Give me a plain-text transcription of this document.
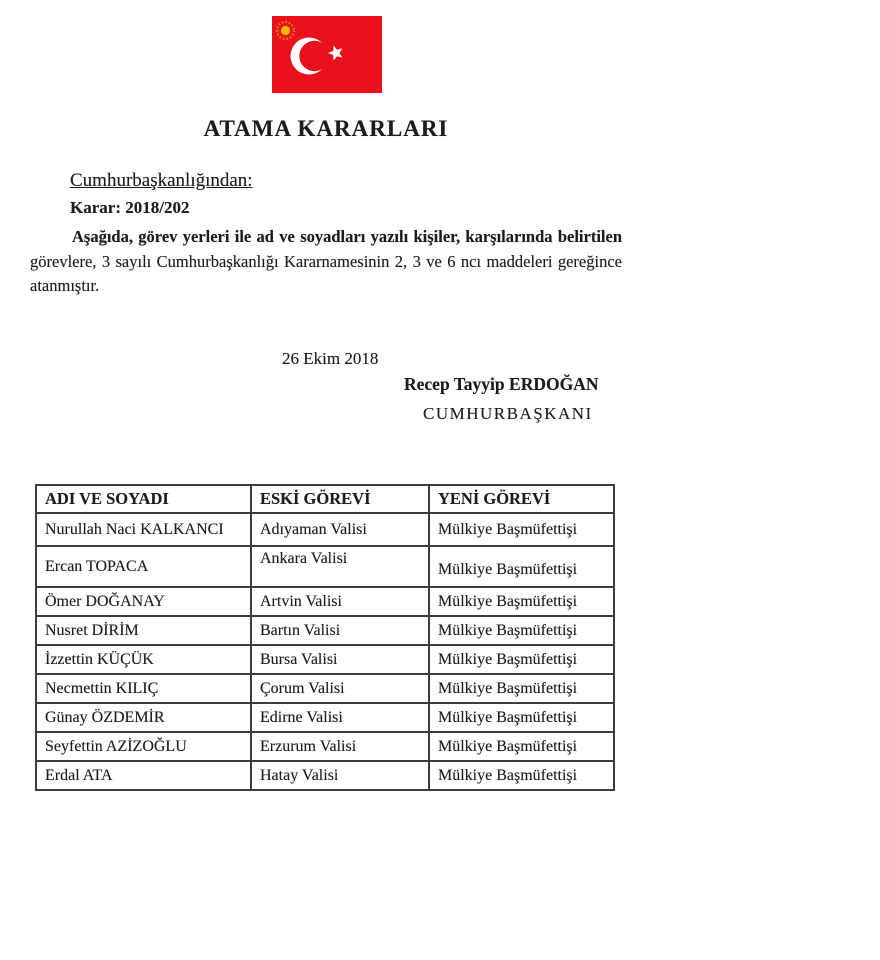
ATAMA KARARLARI
Cumhurbaşkanlığından:
Karar: 2018/202

Aşağıda, görev yerleri ile ad ve soyadları yazılı kişiler, karşılarında belirtilen görevlere, 3 sayılı Cumhurbaşkanlığı Kararnamesinin 2, 3 ve 6 ncı maddeleri gereğince atanmıştır.

26 Ekim 2018
Recep Tayyip ERDOĞAN
CUMHURBAŞKANI
ADI VE SOYADI	ESKİ GÖREVİ	YENİ GÖREVİ
Nurullah Naci KALKANCI	Adıyaman Valisi	Mülkiye Başmüfettişi
Ercan TOPACA	Ankara Valisi	Mülkiye Başmüfettişi
Ömer DOĞANAY	Artvin Valisi	Mülkiye Başmüfettişi
Nusret DİRİM	Bartın Valisi	Mülkiye Başmüfettişi
İzzettin KÜÇÜK	Bursa Valisi	Mülkiye Başmüfettişi
Necmettin KILIÇ	Çorum Valisi	Mülkiye Başmüfettişi
Günay ÖZDEMİR	Edirne Valisi	Mülkiye Başmüfettişi
Seyfettin AZİZOĞLU	Erzurum Valisi	Mülkiye Başmüfettişi
Erdal ATA	Hatay Valisi	Mülkiye Başmüfettişi
